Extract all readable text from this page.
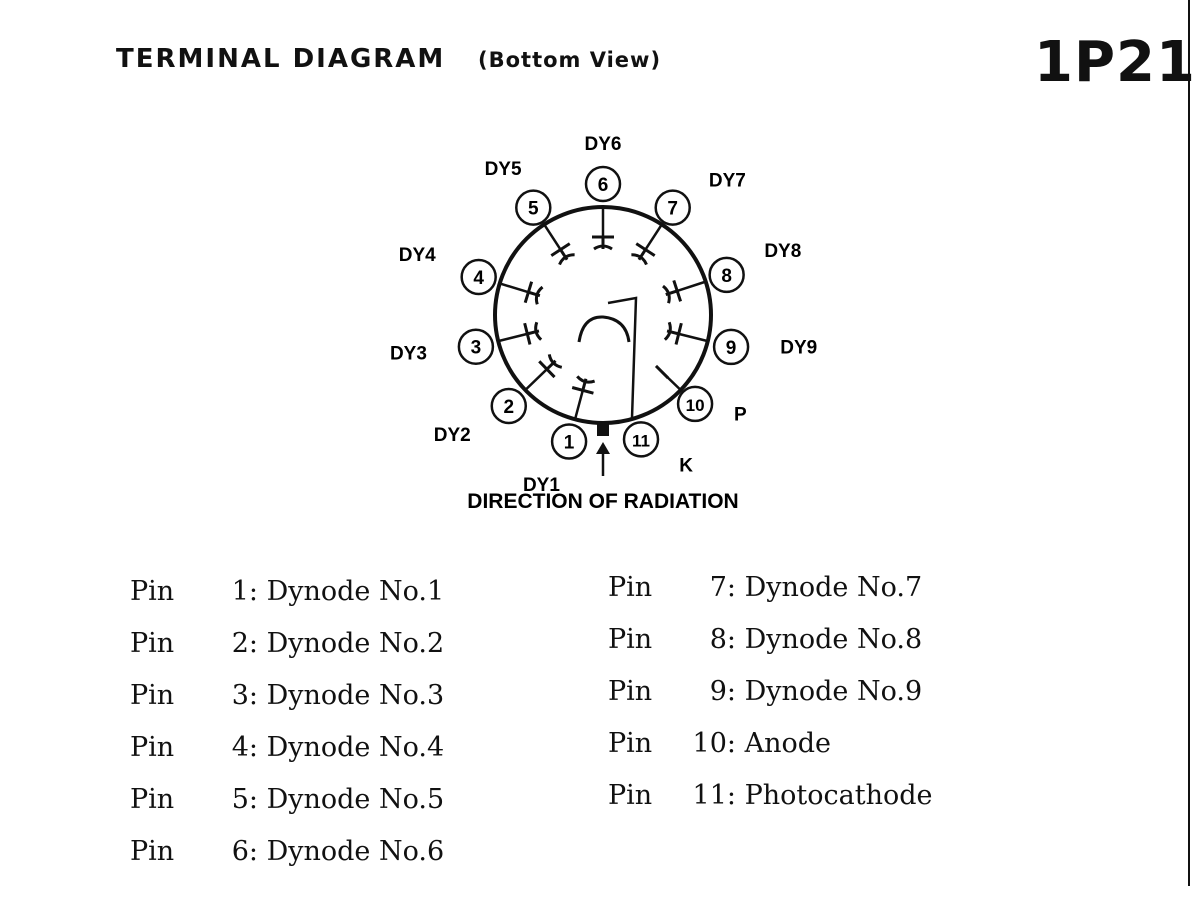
TERMINAL DIAGRAM (Bottom View)	1P21
1
DY1
2
DY2
3
DY3
4
DY4
5
DY5
6
DY6
7
DY7
8
DY8
9 DY9
10 P
11
K
DIRECTION OF RADIATION
Pin 1: Dynode No.1
Pin 2: Dynode No.2
Pin 3: Dynode No.3
Pin 4: Dynode No.4
Pin 5: Dynode No.5
Pin 6: Dynode No.6
Pin 7: Dynode No.7
Pin 8: Dynode No.8
Pin 9: Dynode No.9
Pin 10: Anode
Pin 11: Photocathode
